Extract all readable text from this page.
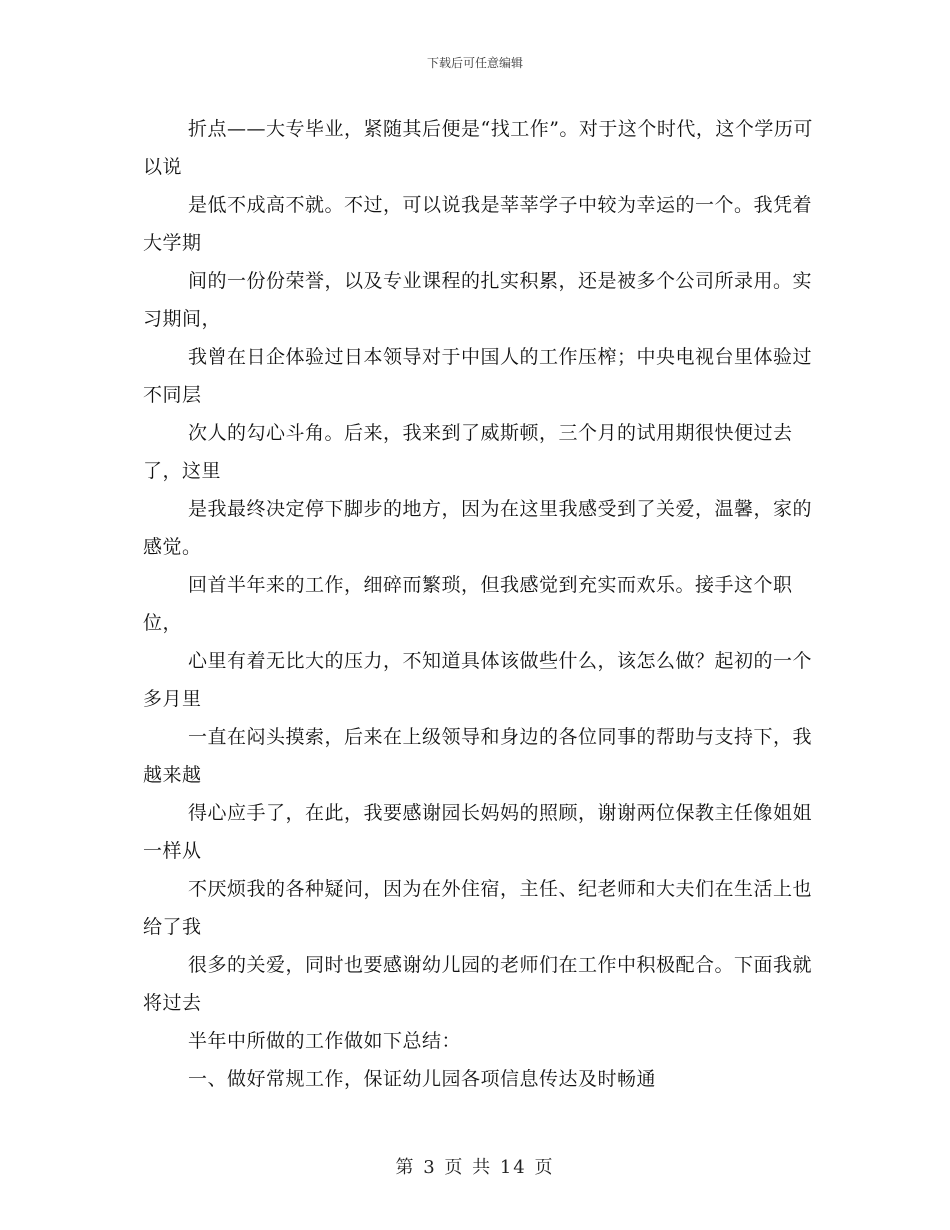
下载后可任意编辑

折点——大专毕业，紧随其后便是“找工作”。对于这个时代，这个学历可以说

是低不成高不就。不过，可以说我是莘莘学子中较为幸运的一个。我凭着大学期

间的一份份荣誉，以及专业课程的扎实积累，还是被多个公司所录用。实习期间，

我曾在日企体验过日本领导对于中国人的工作压榨；中央电视台里体验过不同层

次人的勾心斗角。后来，我来到了威斯顿，三个月的试用期很快便过去了，这里

是我最终决定停下脚步的地方，因为在这里我感受到了关爱，温馨，家的感觉。

回首半年来的工作，细碎而繁琐，但我感觉到充实而欢乐。接手这个职位，

心里有着无比大的压力，不知道具体该做些什么，该怎么做？起初的一个多月里

一直在闷头摸索，后来在上级领导和身边的各位同事的帮助与支持下，我越来越

得心应手了，在此，我要感谢园长妈妈的照顾，谢谢两位保教主任像姐姐一样从

不厌烦我的各种疑问，因为在外住宿，主任、纪老师和大夫们在生活上也给了我

很多的关爱，同时也要感谢幼儿园的老师们在工作中积极配合。下面我就将过去

半年中所做的工作做如下总结：

一、做好常规工作，保证幼儿园各项信息传达及时畅通

第 3 页 共 14 页
